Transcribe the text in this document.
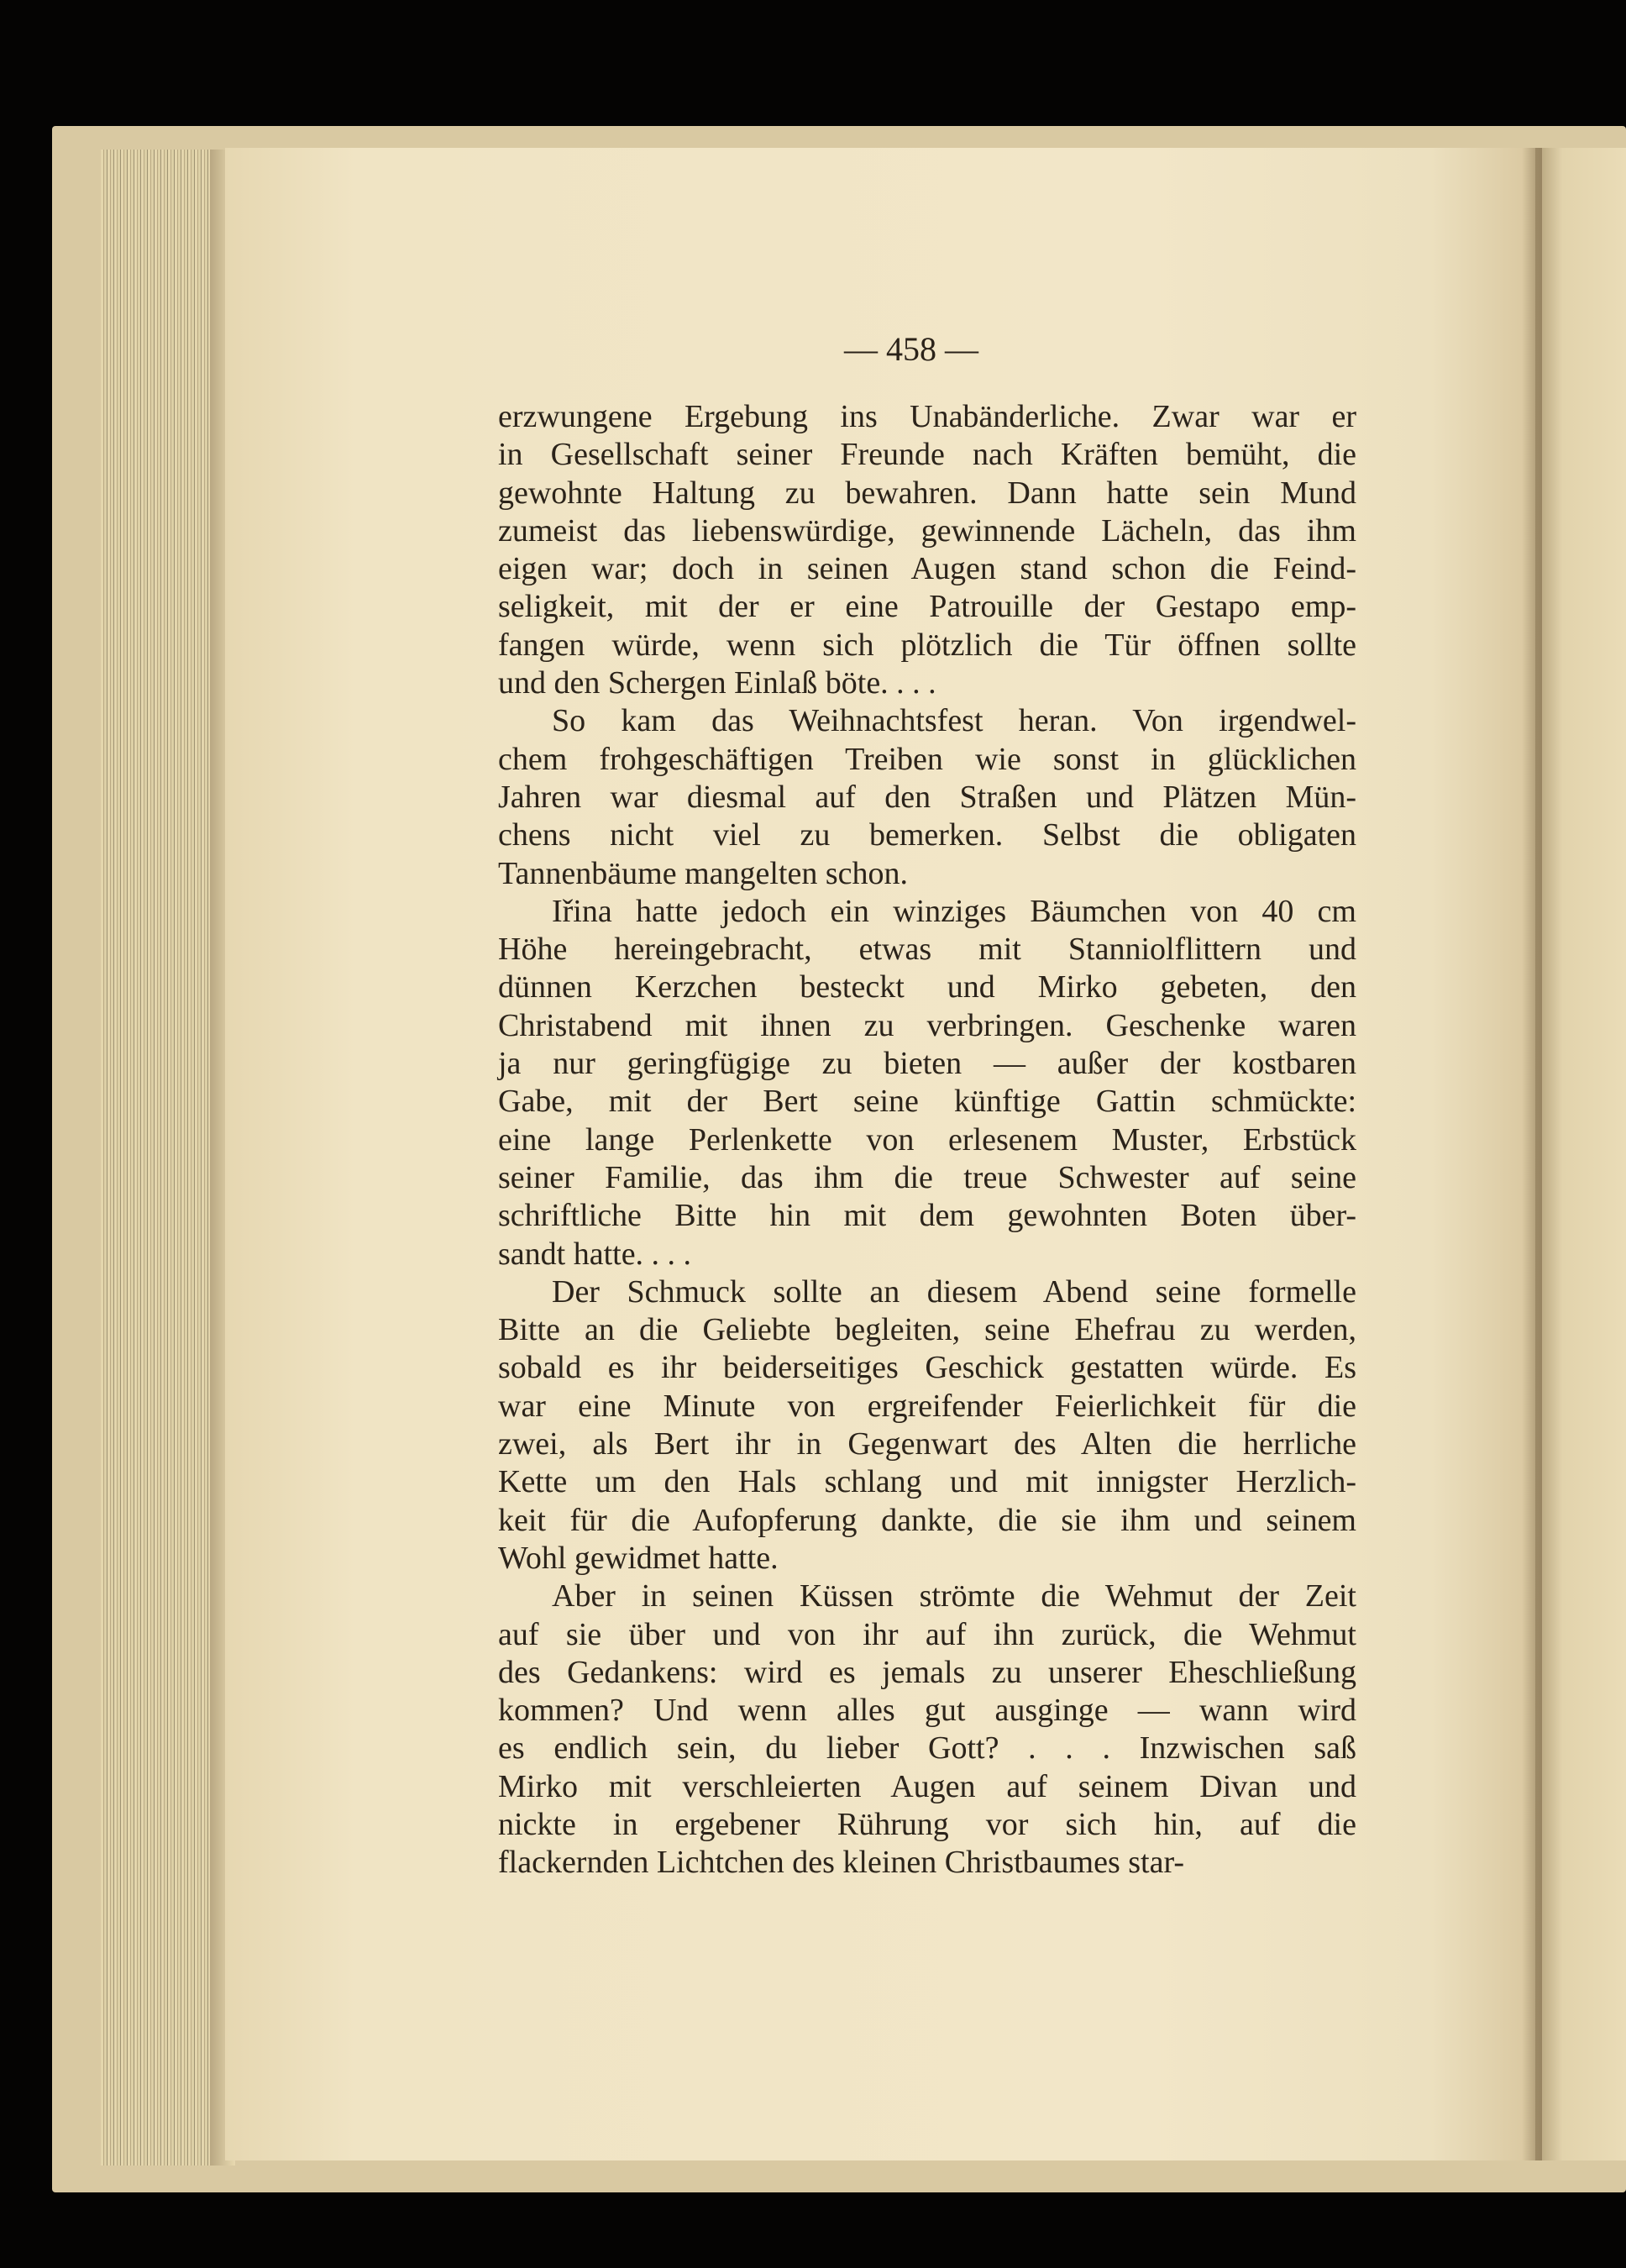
— 458 —
erzwungene Ergebung ins Unabänderliche. Zwar war er
in Gesellschaft seiner Freunde nach Kräften bemüht, die
gewohnte Haltung zu bewahren. Dann hatte sein Mund
zumeist das liebenswürdige, gewinnende Lächeln, das ihm
eigen war; doch in seinen Augen stand schon die Feind-
seligkeit, mit der er eine Patrouille der Gestapo emp-
fangen würde, wenn sich plötzlich die Tür öffnen sollte
und den Schergen Einlaß böte. . . .
So kam das Weihnachtsfest heran. Von irgendwel-
chem frohgeschäftigen Treiben wie sonst in glücklichen
Jahren war diesmal auf den Straßen und Plätzen Mün-
chens nicht viel zu bemerken. Selbst die obligaten
Tannenbäume mangelten schon.
Iřina hatte jedoch ein winziges Bäumchen von 40 cm
Höhe hereingebracht, etwas mit Stanniolflittern und
dünnen Kerzchen besteckt und Mirko gebeten, den
Christabend mit ihnen zu verbringen. Geschenke waren
ja nur geringfügige zu bieten — außer der kostbaren
Gabe, mit der Bert seine künftige Gattin schmückte:
eine lange Perlenkette von erlesenem Muster, Erbstück
seiner Familie, das ihm die treue Schwester auf seine
schriftliche Bitte hin mit dem gewohnten Boten über-
sandt hatte. . . .
Der Schmuck sollte an diesem Abend seine formelle
Bitte an die Geliebte begleiten, seine Ehefrau zu werden,
sobald es ihr beiderseitiges Geschick gestatten würde. Es
war eine Minute von ergreifender Feierlichkeit für die
zwei, als Bert ihr in Gegenwart des Alten die herrliche
Kette um den Hals schlang und mit innigster Herzlich-
keit für die Aufopferung dankte, die sie ihm und seinem
Wohl gewidmet hatte.
Aber in seinen Küssen strömte die Wehmut der Zeit
auf sie über und von ihr auf ihn zurück, die Wehmut
des Gedankens: wird es jemals zu unserer Eheschließung
kommen? Und wenn alles gut ausginge — wann wird
es endlich sein, du lieber Gott? . . . Inzwischen saß
Mirko mit verschleierten Augen auf seinem Divan und
nickte in ergebener Rührung vor sich hin, auf die
flackernden Lichtchen des kleinen Christbaumes star-
